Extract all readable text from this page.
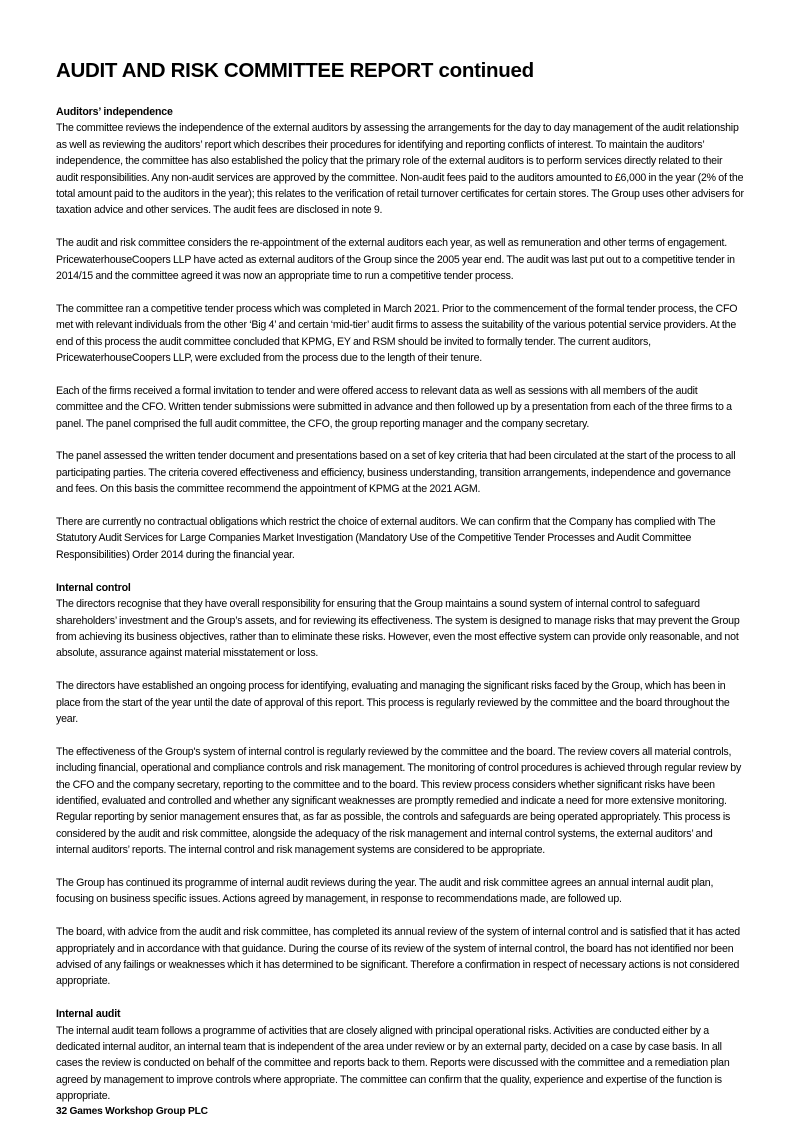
AUDIT AND RISK COMMITTEE REPORT continued
Auditors’ independence

The committee reviews the independence of the external auditors by assessing the arrangements for the day to day management of the audit relationship as well as reviewing the auditors’ report which describes their procedures for identifying and reporting conflicts of interest. To maintain the auditors’ independence, the committee has also established the policy that the primary role of the external auditors is to perform services directly related to their audit responsibilities. Any non-audit services are approved by the committee. Non-audit fees paid to the auditors amounted to £6,000 in the year (2% of the total amount paid to the auditors in the year); this relates to the verification of retail turnover certificates for certain stores. The Group uses other advisers for taxation advice and other services. The audit fees are disclosed in note 9.

The audit and risk committee considers the re-appointment of the external auditors each year, as well as remuneration and other terms of engagement. PricewaterhouseCoopers LLP have acted as external auditors of the Group since the 2005 year end. The audit was last put out to a competitive tender in 2014/15 and the committee agreed it was now an appropriate time to run a competitive tender process.

The committee ran a competitive tender process which was completed in March 2021. Prior to the commencement of the formal tender process, the CFO met with relevant individuals from the other ‘Big 4’ and certain ‘mid-tier’ audit firms to assess the suitability of the various potential service providers. At the end of this process the audit committee concluded that KPMG, EY and RSM should be invited to formally tender. The current auditors, PricewaterhouseCoopers LLP, were excluded from the process due to the length of their tenure.

Each of the firms received a formal invitation to tender and were offered access to relevant data as well as sessions with all members of the audit committee and the CFO. Written tender submissions were submitted in advance and then followed up by a presentation from each of the three firms to a panel. The panel comprised the full audit committee, the CFO, the group reporting manager and the company secretary.

The panel assessed the written tender document and presentations based on a set of key criteria that had been circulated at the start of the process to all participating parties. The criteria covered effectiveness and efficiency, business understanding, transition arrangements, independence and governance and fees. On this basis the committee recommend the appointment of KPMG at the 2021 AGM.

There are currently no contractual obligations which restrict the choice of external auditors. We can confirm that the Company has complied with The Statutory Audit Services for Large Companies Market Investigation (Mandatory Use of the Competitive Tender Processes and Audit Committee Responsibilities) Order 2014 during the financial year.

Internal control

The directors recognise that they have overall responsibility for ensuring that the Group maintains a sound system of internal control to safeguard shareholders’ investment and the Group’s assets, and for reviewing its effectiveness. The system is designed to manage risks that may prevent the Group from achieving its business objectives, rather than to eliminate these risks. However, even the most effective system can provide only reasonable, and not absolute, assurance against material misstatement or loss.

The directors have established an ongoing process for identifying, evaluating and managing the significant risks faced by the Group, which has been in place from the start of the year until the date of approval of this report. This process is regularly reviewed by the committee and the board throughout the year.

The effectiveness of the Group's system of internal control is regularly reviewed by the committee and the board. The review covers all material controls, including financial, operational and compliance controls and risk management. The monitoring of control procedures is achieved through regular review by the CFO and the company secretary, reporting to the committee and to the board. This review process considers whether significant risks have been identified, evaluated and controlled and whether any significant weaknesses are promptly remedied and indicate a need for more extensive monitoring. Regular reporting by senior management ensures that, as far as possible, the controls and safeguards are being operated appropriately. This process is considered by the audit and risk committee, alongside the adequacy of the risk management and internal control systems, the external auditors’ and internal auditors’ reports. The internal control and risk management systems are considered to be appropriate.

The Group has continued its programme of internal audit reviews during the year. The audit and risk committee agrees an annual internal audit plan, focusing on business specific issues. Actions agreed by management, in response to recommendations made, are followed up.

The board, with advice from the audit and risk committee, has completed its annual review of the system of internal control and is satisfied that it has acted appropriately and in accordance with that guidance. During the course of its review of the system of internal control, the board has not identified nor been advised of any failings or weaknesses which it has determined to be significant. Therefore a confirmation in respect of necessary actions is not considered appropriate.

Internal audit

The internal audit team follows a programme of activities that are closely aligned with principal operational risks. Activities are conducted either by a dedicated internal auditor, an internal team that is independent of the area under review or by an external party, decided on a case by case basis. In all cases the review is conducted on behalf of the committee and reports back to them. Reports were discussed with the committee and a remediation plan agreed by management to improve controls where appropriate. The committee can confirm that the quality, experience and expertise of the function is appropriate.

32 Games Workshop Group PLC
